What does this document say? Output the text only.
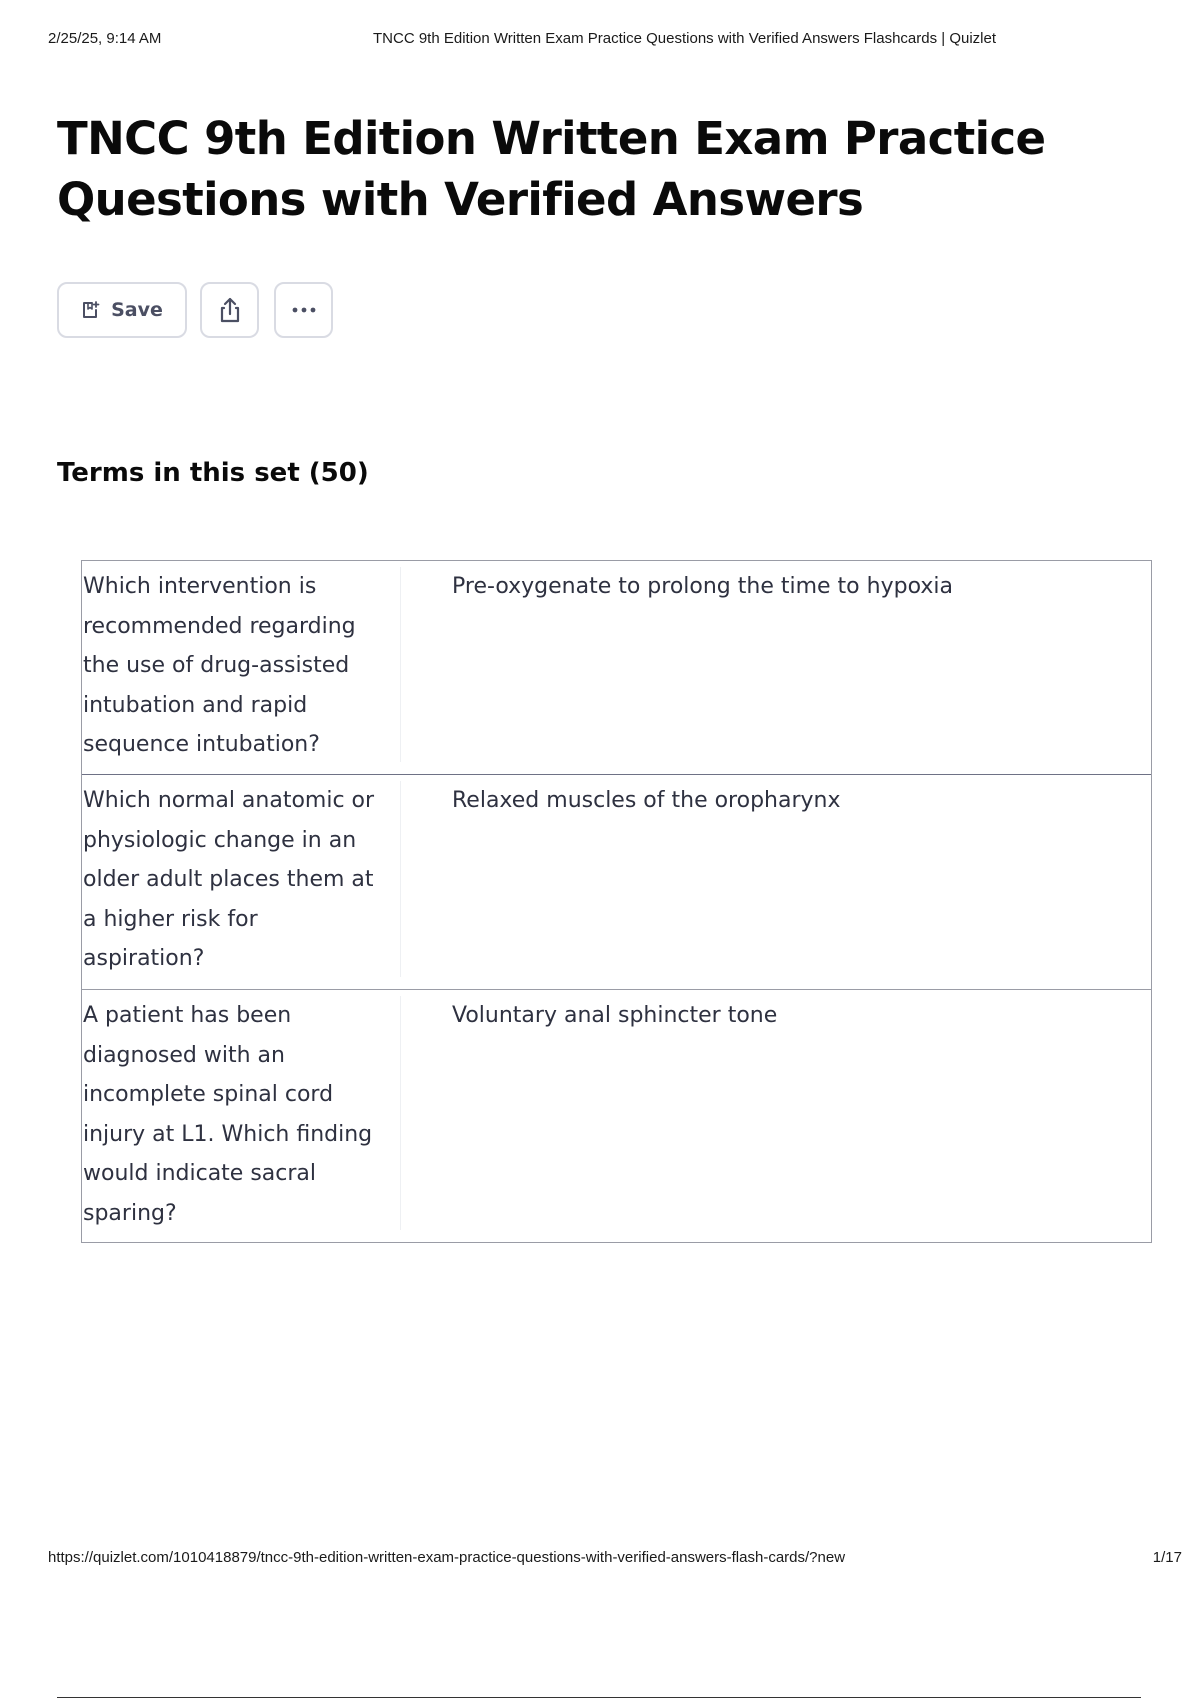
2/25/25, 9:14 AM	TNCC 9th Edition Written Exam Practice Questions with Verified Answers Flashcards | Quizlet
TNCC 9th Edition Written Exam Practice Questions with Verified Answers
Save
Terms in this set (50)
Which intervention is recommended regarding the use of drug-assisted intubation and rapid sequence intubation?
Pre-oxygenate to prolong the time to hypoxia
Which normal anatomic or physiologic change in an older adult places them at a higher risk for aspiration?
Relaxed muscles of the oropharynx
A patient has been diagnosed with an incomplete spinal cord injury at L1. Which finding would indicate sacral sparing?
Voluntary anal sphincter tone
https://quizlet.com/1010418879/tncc-9th-edition-written-exam-practice-questions-with-verified-answers-flash-cards/?new	1/17
